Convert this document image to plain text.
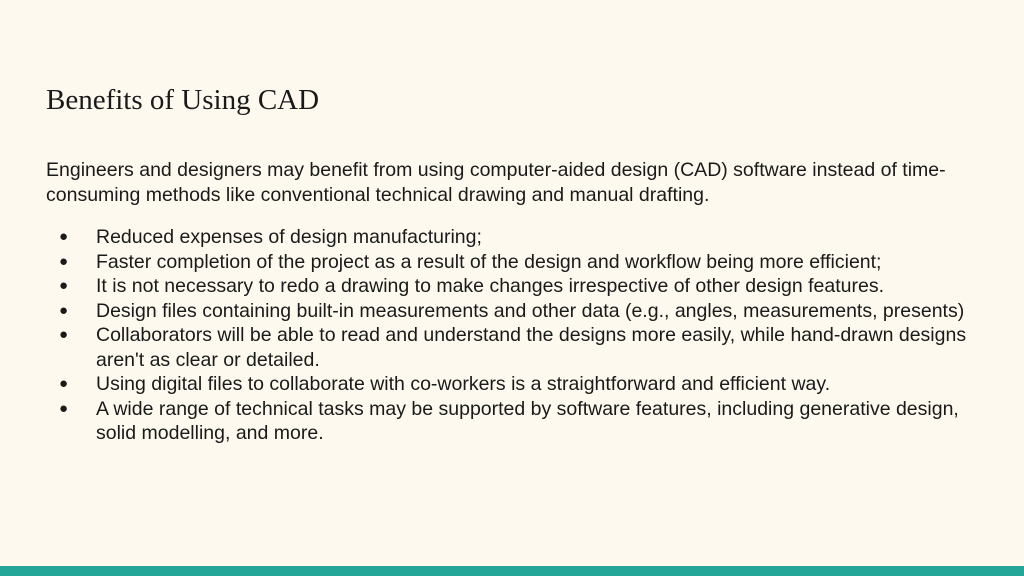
Benefits of Using CAD

Engineers and designers may benefit from using computer-aided design (CAD) software instead of time-consuming methods like conventional technical drawing and manual drafting.

● Reduced expenses of design manufacturing;
● Faster completion of the project as a result of the design and workflow being more efficient;
● It is not necessary to redo a drawing to make changes irrespective of other design features.
● Design files containing built-in measurements and other data (e.g., angles, measurements, presents)
● Collaborators will be able to read and understand the designs more easily, while hand-drawn designs aren't as clear or detailed.
● Using digital files to collaborate with co-workers is a straightforward and efficient way.
● A wide range of technical tasks may be supported by software features, including generative design, solid modelling, and more.
